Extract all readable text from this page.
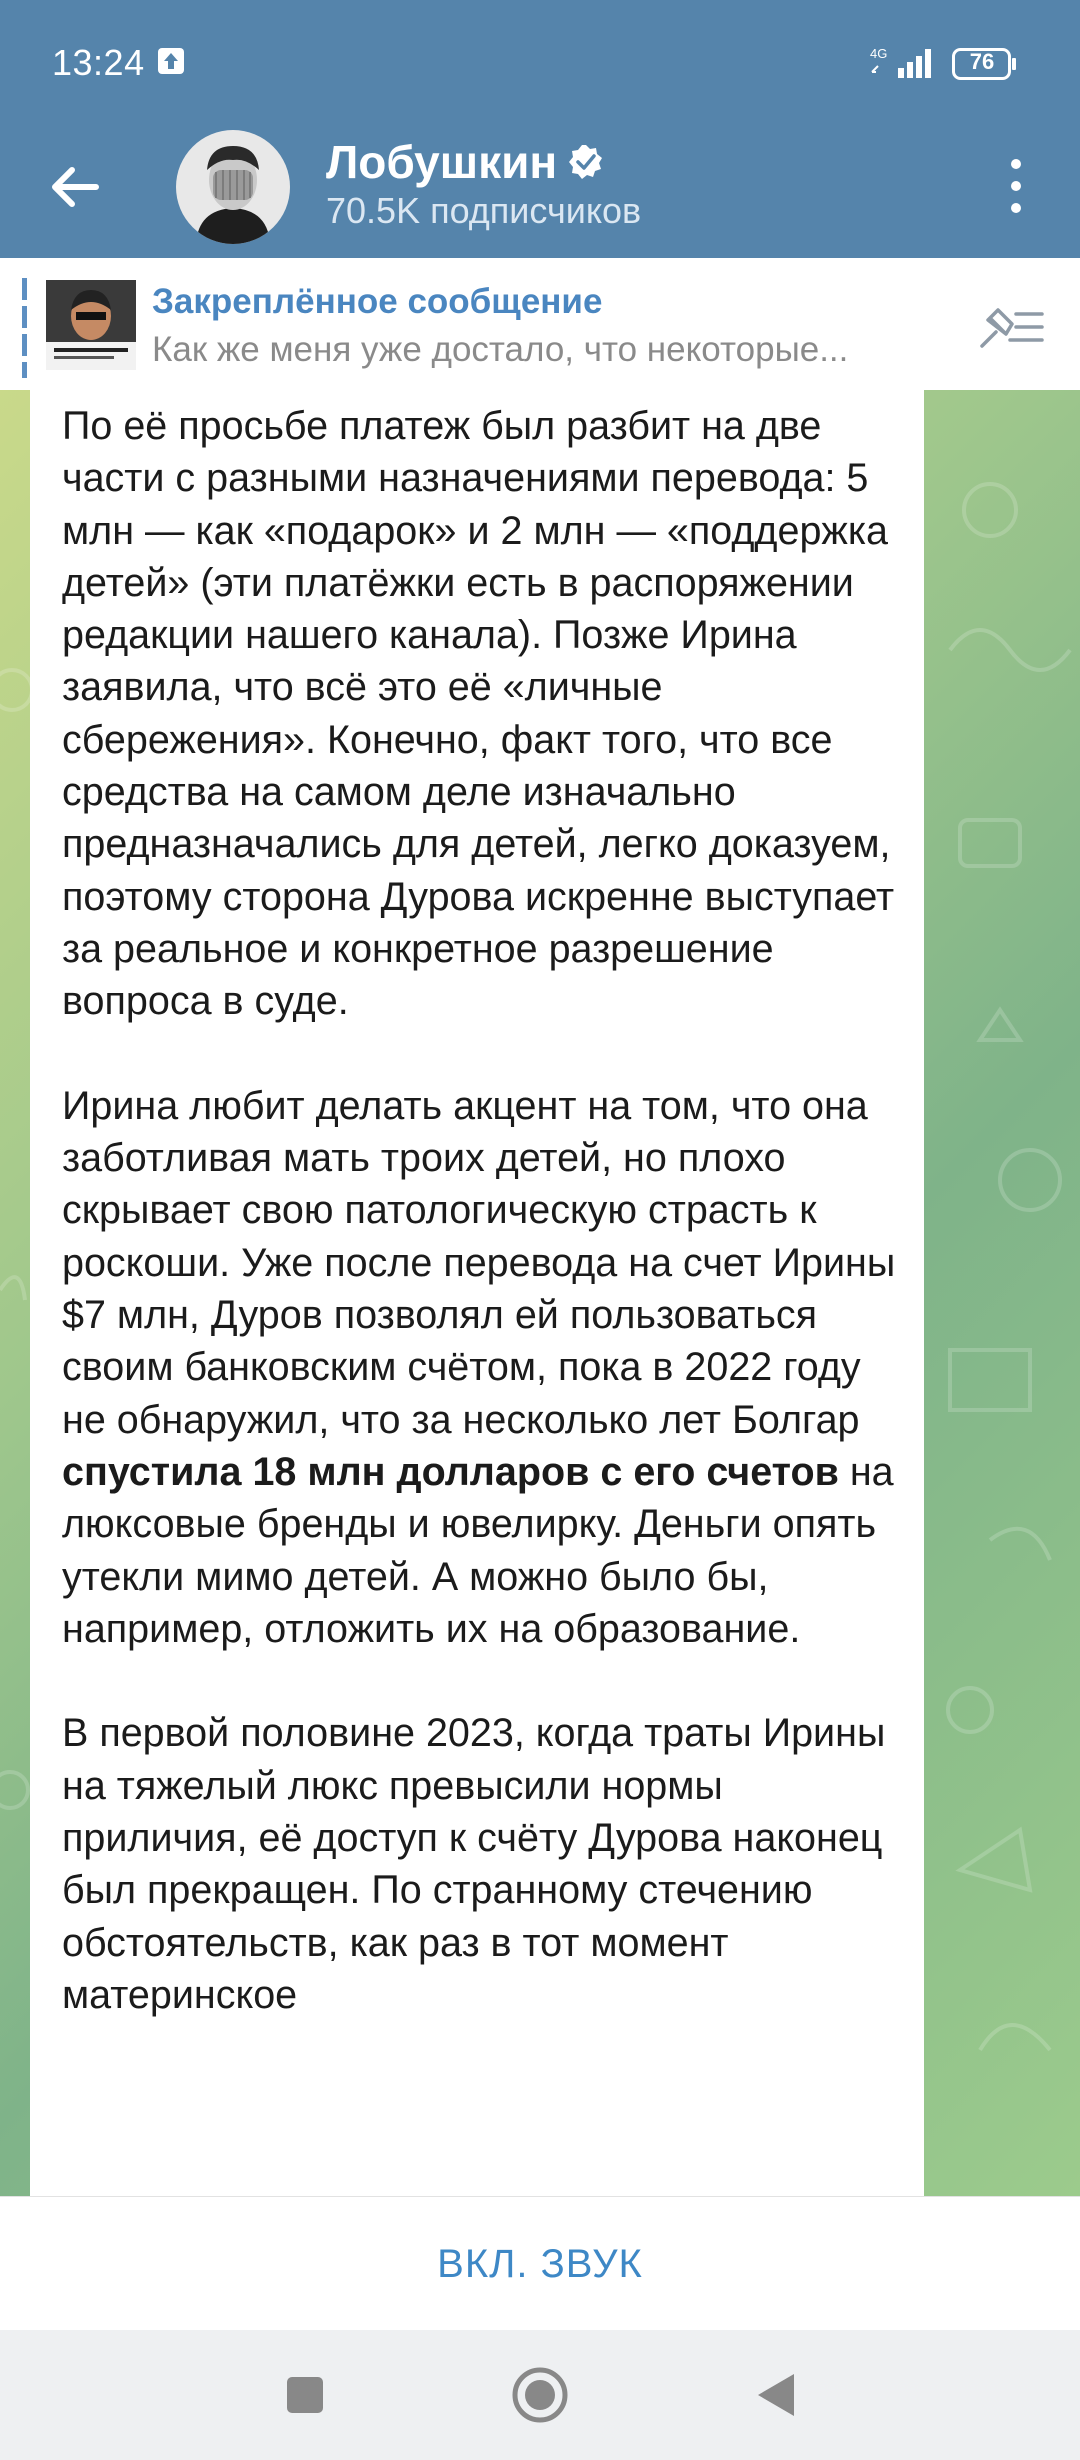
13:24	4G	76
Лобушкин
70.5K подписчиков
Закреплённое сообщение
Как же меня уже достало, что некоторые...

По её просьбе платеж был разбит на две части с разными назначениями перевода: 5 млн — как «подарок» и 2 млн — «поддержка детей» (эти платёжки есть в распоряжении редакции нашего канала). Позже Ирина заявила, что всё это её «личные сбережения». Конечно, факт того, что все средства на самом деле изначально предназначались для детей, легко доказуем, поэтому сторона Дурова искренне выступает за реальное и конкретное разрешение вопроса в суде.

Ирина любит делать акцент на том, что она заботливая мать троих детей, но плохо скрывает свою патологическую страсть к роскоши. Уже после перевода на счет Ирины $7 млн, Дуров позволял ей пользоваться своим банковским счётом, пока в 2022 году не обнаружил, что за несколько лет Болгар спустила 18 млн долларов с его счетов на люксовые бренды и ювелирку. Деньги опять утекли мимо детей. А можно было бы, например, отложить их на образование.

В первой половине 2023, когда траты Ирины на тяжелый люкс превысили нормы приличия, её доступ к счёту Дурова наконец был прекращен. По странному стечению обстоятельств, как раз в тот момент материнское

ВКЛ. ЗВУК
